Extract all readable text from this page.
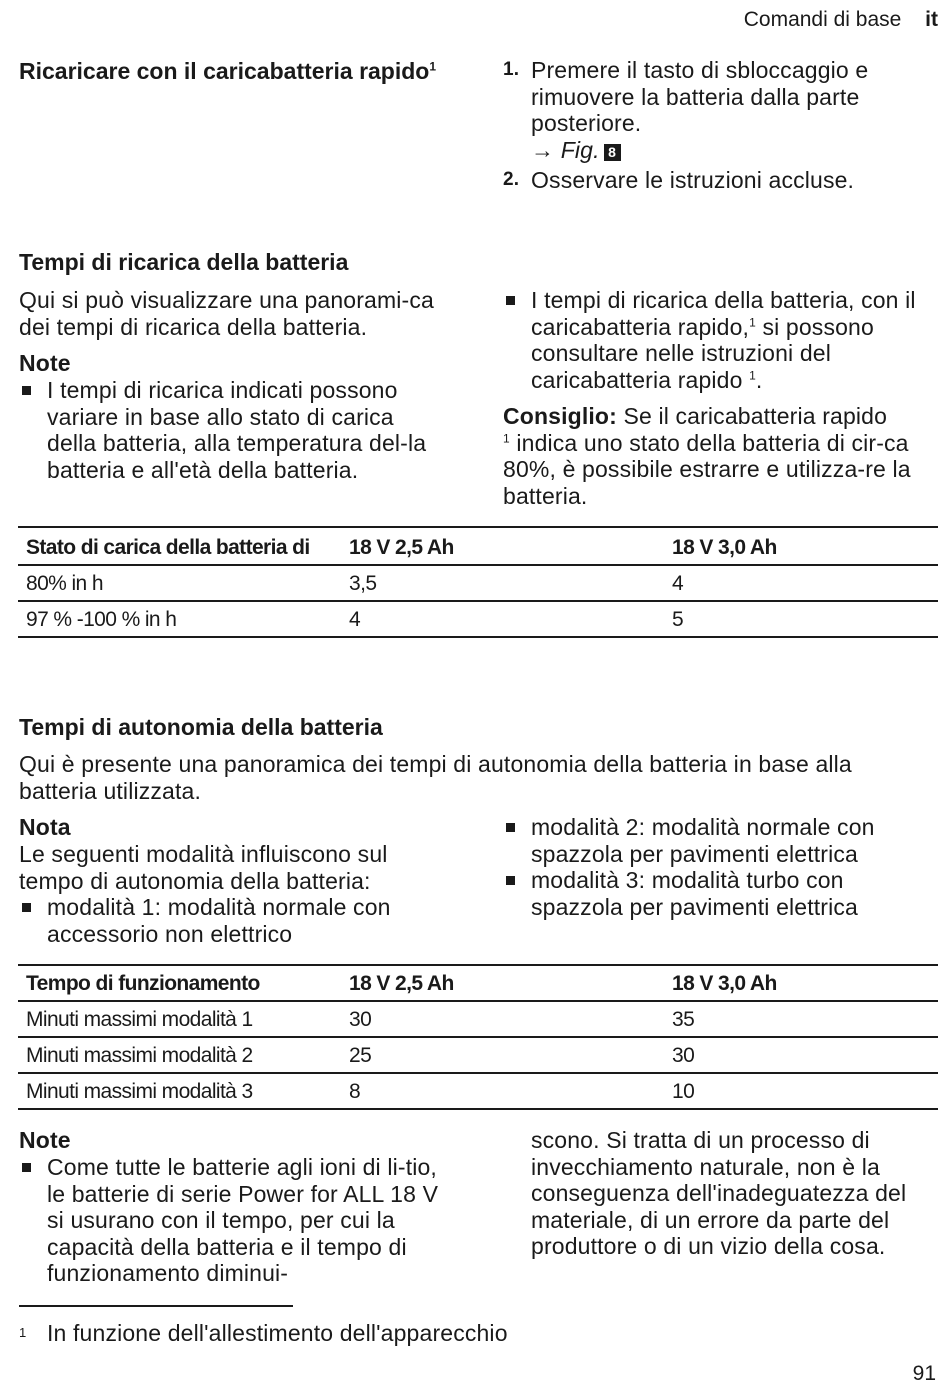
Comandi di base it
Ricaricare con il caricabatteria rapido$^1$	1. Premere il tasto di sbloccaggio e rimuovere la batteria dalla parte posteriore.
→ Fig. 8
2. Osservare le istruzioni accluse.
Tempi di ricarica della batteria
Qui si può visualizzare una panorami-ca dei tempi di ricarica della batteria.
Note
I tempi di ricarica indicati possono variare in base allo stato di carica della batteria, alla temperatura del-la batteria e all'età della batteria.
I tempi di ricarica della batteria, con il caricabatteria rapido,$^1$ si possono consultare nelle istruzioni del caricabatteria rapido $^1$.
Consiglio: Se il caricabatteria rapido
$^1$ indica uno stato della batteria di cir-ca 80%, è possibile estrarre e utilizza-re la batteria.
Stato di carica della batteria di	18 V 2,5 Ah	18 V 3,0 Ah
80% in h	3,5	4
97 % -100 % in h	4	5
Tempi di autonomia della batteria
Qui è presente una panoramica dei tempi di autonomia della batteria in base alla batteria utilizzata.
Nota
Le seguenti modalità influiscono sul tempo di autonomia della batteria:
modalità 1: modalità normale con accessorio non elettrico
modalità 2: modalità normale con spazzola per pavimenti elettrica
modalità 3: modalità turbo con spazzola per pavimenti elettrica
Tempo di funzionamento	18 V 2,5 Ah	18 V 3,0 Ah
Minuti massimi modalità 1	30	35
Minuti massimi modalità 2	25	30
Minuti massimi modalità 3	8	10
Note
Come tutte le batterie agli ioni di li-tio, le batterie di serie Power for ALL 18 V si usurano con il tempo, per cui la capacità della batteria e il tempo di funzionamento diminui-
scono. Si tratta di un processo di invecchiamento naturale, non è la conseguenza dell'inadeguatezza del materiale, di un errore da parte del produttore o di un vizio della cosa.
1 In funzione dell'allestimento dell'apparecchio
91
